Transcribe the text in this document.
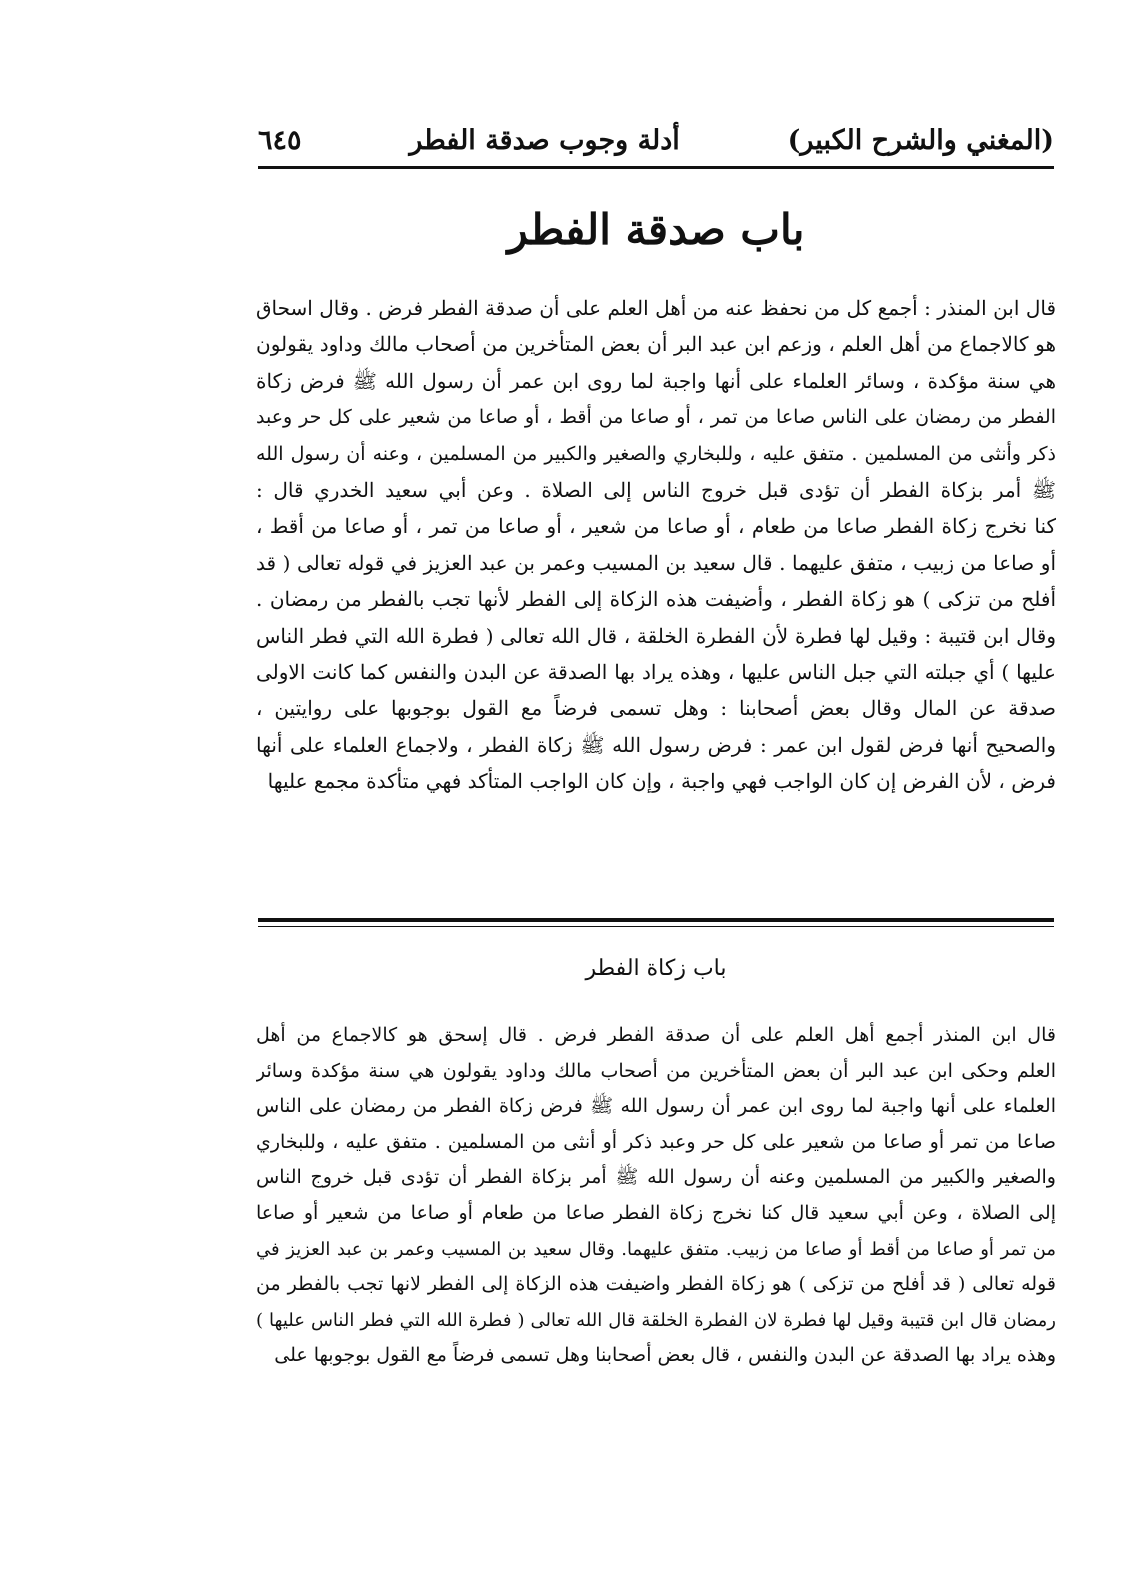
(المغني والشرح الكبير)
أدلة وجوب صدقة الفطر
٦٤٥
باب صدقة الفطر

قال ابن المنذر : أجمع كل من نحفظ عنه من أهل العلم على أن صدقة الفطر فرض . وقال اسحاق

هو كالاجماع من أهل العلم ، وزعم ابن عبد البر أن بعض المتأخرين من أصحاب مالك وداود يقولون

هي سنة مؤكدة ، وسائر العلماء على أنها واجبة لما روى ابن عمر أن رسول الله ﷺ فرض زكاة

الفطر من رمضان على الناس صاعا من تمر ، أو صاعا من أقط ، أو صاعا من شعير على كل حر وعبد

ذكر وأنثى من المسلمين . متفق عليه ، وللبخاري والصغير والكبير من المسلمين ، وعنه أن رسول الله

ﷺ أمر بزكاة الفطر أن تؤدى قبل خروج الناس إلى الصلاة . وعن أبي سعيد الخدري قال :

كنا نخرج زكاة الفطر صاعا من طعام ، أو صاعا من شعير ، أو صاعا من تمر ، أو صاعا من أقط ،

أو صاعا من زبيب ، متفق عليهما . قال سعيد بن المسيب وعمر بن عبد العزيز في قوله تعالى ( قد

أفلح من تزكى ) هو زكاة الفطر ، وأضيفت هذه الزكاة إلى الفطر لأنها تجب بالفطر من رمضان .

وقال ابن قتيبة : وقيل لها فطرة لأن الفطرة الخلقة ، قال الله تعالى ( فطرة الله التي فطر الناس

عليها ) أي جبلته التي جبل الناس عليها ، وهذه يراد بها الصدقة عن البدن والنفس كما كانت الاولى

صدقة عن المال وقال بعض أصحابنا : وهل تسمى فرضاً مع القول بوجوبها على روايتين ،

والصحيح أنها فرض لقول ابن عمر : فرض رسول الله ﷺ زكاة الفطر ، ولاجماع العلماء على أنها

فرض ، لأن الفرض إن كان الواجب فهي واجبة ، وإن كان الواجب المتأكد فهي متأكدة مجمع عليها

باب زكاة الفطر

قال ابن المنذر أجمع أهل العلم على أن صدقة الفطر فرض . قال إسحق هو كالاجماع من أهل

العلم وحكى ابن عبد البر أن بعض المتأخرين من أصحاب مالك وداود يقولون هي سنة مؤكدة وسائر

العلماء على أنها واجبة لما روى ابن عمر أن رسول الله ﷺ فرض زكاة الفطر من رمضان على الناس

صاعا من تمر أو صاعا من شعير على كل حر وعبد ذكر أو أنثى من المسلمين . متفق عليه ، وللبخاري

والصغير والكبير من المسلمين وعنه أن رسول الله ﷺ أمر بزكاة الفطر أن تؤدى قبل خروج الناس

إلى الصلاة ، وعن أبي سعيد قال كنا نخرج زكاة الفطر صاعا من طعام أو صاعا من شعير أو صاعا

من تمر أو صاعا من أقط أو صاعا من زبيب. متفق عليهما. وقال سعيد بن المسيب وعمر بن عبد العزيز في

قوله تعالى ( قد أفلح من تزكى ) هو زكاة الفطر واضيفت هذه الزكاة إلى الفطر لانها تجب بالفطر من

رمضان قال ابن قتيبة وقيل لها فطرة لان الفطرة الخلقة قال الله تعالى ( فطرة الله التي فطر الناس عليها )

وهذه يراد بها الصدقة عن البدن والنفس ، قال بعض أصحابنا وهل تسمى فرضاً مع القول بوجوبها على
